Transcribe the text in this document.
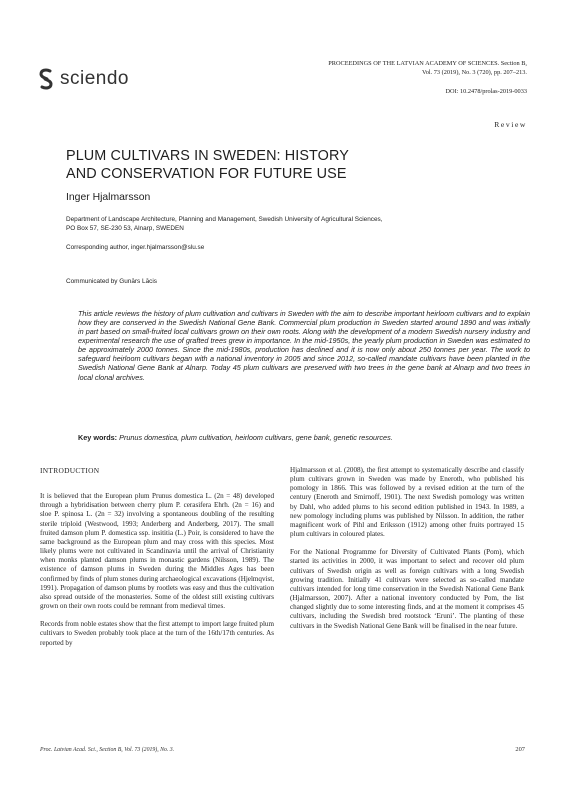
sciendo
PROCEEDINGS OF THE LATVIAN ACADEMY OF SCIENCES. Section B,
Vol. 73 (2019), No. 3 (720), pp. 207–213.
DOI: 10.2478/prolas-2019-0033
Review
PLUM CULTIVARS IN SWEDEN: HISTORY
AND CONSERVATION FOR FUTURE USE
Inger Hjalmarsson
Department of Landscape Architecture, Planning and Management, Swedish University of Agricultural Sciences,
PO Box 57, SE-230 53, Alnarp, SWEDEN
Corresponding author, inger.hjalmarsson@slu.se
Communicated by Gunārs Lācis
This article reviews the history of plum cultivation and cultivars in Sweden with the aim to describe important heirloom cultivars and to explain how they are conserved in the Swedish National Gene Bank. Commercial plum production in Sweden started around 1890 and was initially in part based on small-fruited local cultivars grown on their own roots. Along with the development of a modern Swedish nursery industry and experimental research the use of grafted trees grew in importance. In the mid-1950s, the yearly plum production in Sweden was estimated to be approximately 2000 tonnes. Since the mid-1980s, production has declined and it is now only about 250 tonnes per year. The work to safeguard heirloom cultivars began with a national inventory in 2005 and since 2012, so-called mandate cultivars have been planted in the Swedish National Gene Bank at Alnarp. Today 45 plum cultivars are preserved with two trees in the gene bank at Alnarp and two trees in local clonal archives.
Key words: Prunus domestica, plum cultivation, heirloom cultivars, gene bank, genetic resources.

INTRODUCTION

It is believed that the European plum Prunus domestica L. (2n = 48) developed through a hybridisation between cherry plum P. cerasifera Ehrh. (2n = 16) and sloe P. spinosa L. (2n = 32) involving a spontaneous doubling of the resulting sterile triploid (Westwood, 1993; Anderberg and Anderberg, 2017). The small fruited damson plum P. domestica ssp. insititia (L.) Poir, is considered to have the same background as the European plum and may cross with this species. Most likely plums were not cultivated in Scandinavia until the arrival of Christianity when monks planted damson plums in monastic gardens (Nilsson, 1989). The existence of damson plums in Sweden during the Middles Ages has been confirmed by finds of plum stones during archaeological excavations (Hjelmqvist, 1991). Propagation of damson plums by rootlets was easy and thus the cultivation also spread outside of the monasteries. Some of the oldest still existing cultivars grown on their own roots could be remnant from medieval times.

Records from noble estates show that the first attempt to import large fruited plum cultivars to Sweden probably took place at the turn of the 16th/17th centuries. As reported by

Hjalmarsson et al. (2008), the first attempt to systematically describe and classify plum cultivars grown in Sweden was made by Eneroth, who published his pomology in 1866. This was followed by a revised edition at the turn of the century (Eneroth and Smirnoff, 1901). The next Swedish pomology was written by Dahl, who added plums to his second edition published in 1943. In 1989, a new pomology including plums was published by Nilsson. In addition, the rather magnificent work of Pihl and Eriksson (1912) among other fruits portrayed 15 plum cultivars in coloured plates.

For the National Programme for Diversity of Cultivated Plants (Pom), which started its activities in 2000, it was important to select and recover old plum cultivars of Swedish origin as well as foreign cultivars with a long Swedish growing tradition. Initially 41 cultivars were selected as so-called mandate cultivars intended for long time conservation in the Swedish National Gene Bank (Hjalmarsson, 2007). After a national inventory conducted by Pom, the list changed slightly due to some interesting finds, and at the moment it comprises 45 cultivars, including the Swedish bred rootstock ‘Eruni’. The planting of these cultivars in the Swedish National Gene Bank will be finalised in the near future.

Proc. Latvian Acad. Sci., Section B, Vol. 73 (2019), No. 3.	207
